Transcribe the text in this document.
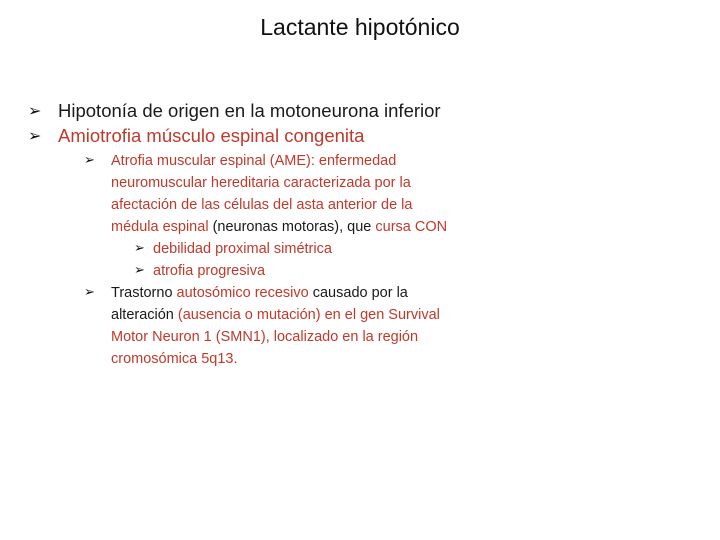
Lactante hipotónico
➢ Hipotonía de origen en la motoneurona inferior
➢ Amiotrofia músculo espinal congenita
➢ Atrofia muscular espinal (AME): enfermedad neuromuscular hereditaria caracterizada por la afectación de las células del asta anterior de la médula espinal (neuronas motoras), que cursa CON
➢ debilidad proximal simétrica
➢ atrofia progresiva
➢ Trastorno autosómico recesivo causado por la alteración (ausencia o mutación) en el gen Survival Motor Neuron 1 (SMN1), localizado en la región cromosómica 5q13.
